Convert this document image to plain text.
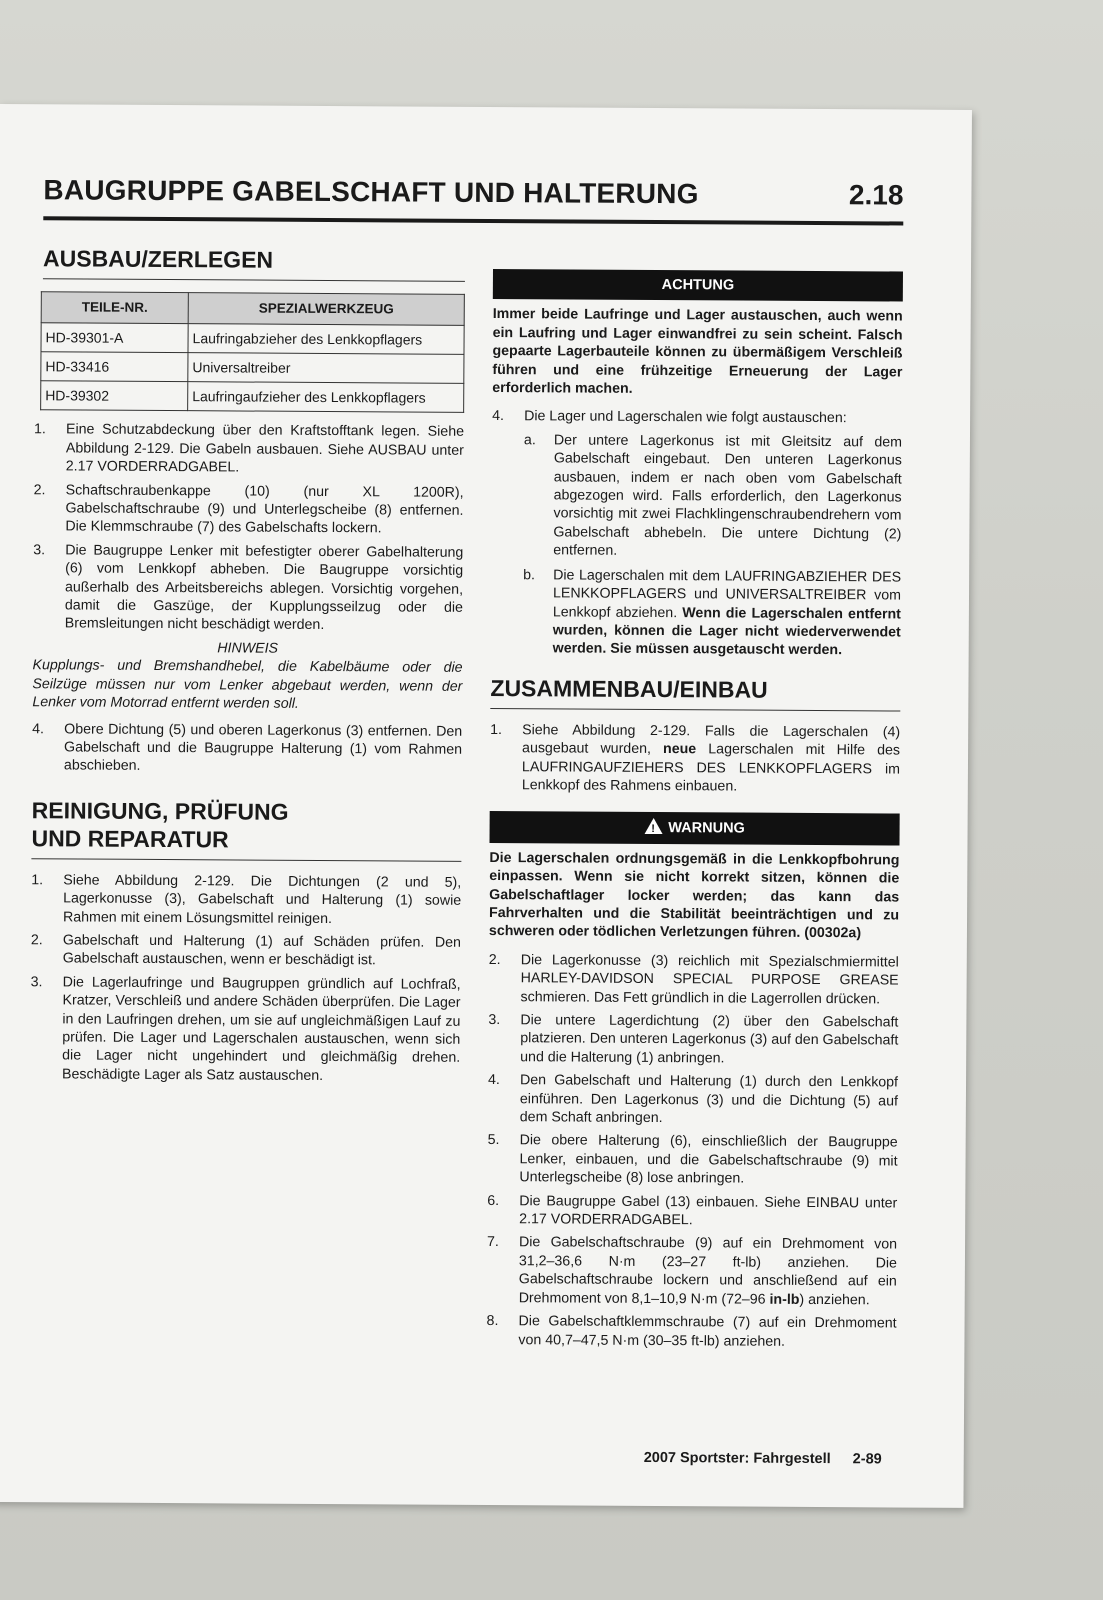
BAUGRUPPE GABELSCHAFT UND HALTERUNG	2.18
AUSBAU/ZERLEGEN
TEILE-NR.	SPEZIALWERKZEUG
HD-39301-A	Laufringabzieher des Lenkkopflagers
HD-33416	Universaltreiber
HD-39302	Laufringaufzieher des Lenkkopflagers
1.	Eine Schutzabdeckung über den Kraftstofftank legen. Siehe Abbildung 2-129. Die Gabeln ausbauen. Siehe AUSBAU unter 2.17 VORDERRADGABEL.
2.	Schaftschraubenkappe (10) (nur XL 1200R), Gabelschaftschraube (9) und Unterlegscheibe (8) entfernen. Die Klemmschraube (7) des Gabelschafts lockern.
3.	Die Baugruppe Lenker mit befestigter oberer Gabelhalterung (6) vom Lenkkopf abheben. Die Baugruppe vorsichtig außerhalb des Arbeitsbereichs ablegen. Vorsichtig vorgehen, damit die Gaszüge, der Kupplungsseilzug oder die Bremsleitungen nicht beschädigt werden.
HINWEIS
Kupplungs- und Bremshandhebel, die Kabelbäume oder die Seilzüge müssen nur vom Lenker abgebaut werden, wenn der Lenker vom Motorrad entfernt werden soll.
4.	Obere Dichtung (5) und oberen Lagerkonus (3) entfernen. Den Gabelschaft und die Baugruppe Halterung (1) vom Rahmen abschieben.
REINIGUNG, PRÜFUNG
UND REPARATUR
1.	Siehe Abbildung 2-129. Die Dichtungen (2 und 5), Lagerkonusse (3), Gabelschaft und Halterung (1) sowie Rahmen mit einem Lösungsmittel reinigen.
2.	Gabelschaft und Halterung (1) auf Schäden prüfen. Den Gabelschaft austauschen, wenn er beschädigt ist.
3.	Die Lagerlaufringe und Baugruppen gründlich auf Lochfraß, Kratzer, Verschleiß und andere Schäden überprüfen. Die Lager in den Laufringen drehen, um sie auf ungleichmäßigen Lauf zu prüfen. Die Lager und Lagerschalen austauschen, wenn sich die Lager nicht ungehindert und gleichmäßig drehen. Beschädigte Lager als Satz austauschen.
ACHTUNG
Immer beide Laufringe und Lager austauschen, auch wenn ein Laufring und Lager einwandfrei zu sein scheint. Falsch gepaarte Lagerbauteile können zu übermäßigem Verschleiß führen und eine frühzeitige Erneuerung der Lager erforderlich machen.
4.	Die Lager und Lagerschalen wie folgt austauschen:
a.	Der untere Lagerkonus ist mit Gleitsitz auf dem Gabelschaft eingebaut. Den unteren Lagerkonus ausbauen, indem er nach oben vom Gabelschaft abgezogen wird. Falls erforderlich, den Lagerkonus vorsichtig mit zwei Flachklingenschraubendrehern vom Gabelschaft abhebeln. Die untere Dichtung (2) entfernen.
b.	Die Lagerschalen mit dem LAUFRINGABZIEHER DES LENKKOPFLAGERS und UNIVERSALTREIBER vom Lenkkopf abziehen. Wenn die Lagerschalen entfernt wurden, können die Lager nicht wiederverwendet werden. Sie müssen ausgetauscht werden.
ZUSAMMENBAU/EINBAU
1.	Siehe Abbildung 2-129. Falls die Lagerschalen (4) ausgebaut wurden, neue Lagerschalen mit Hilfe des LAUFRINGAUFZIEHERS DES LENKKOPFLAGERS im Lenkkopf des Rahmens einbauen.
!WARNUNG
Die Lagerschalen ordnungsgemäß in die Lenkkopfbohrung einpassen. Wenn sie nicht korrekt sitzen, können die Gabelschaftlager locker werden; das kann das Fahrverhalten und die Stabilität beeinträchtigen und zu schweren oder tödlichen Verletzungen führen. (00302a)
2.	Die Lagerkonusse (3) reichlich mit Spezialschmiermittel HARLEY-DAVIDSON SPECIAL PURPOSE GREASE schmieren. Das Fett gründlich in die Lagerrollen drücken.
3.	Die untere Lagerdichtung (2) über den Gabelschaft platzieren. Den unteren Lagerkonus (3) auf den Gabelschaft und die Halterung (1) anbringen.
4.	Den Gabelschaft und Halterung (1) durch den Lenkkopf einführen. Den Lagerkonus (3) und die Dichtung (5) auf dem Schaft anbringen.
5.	Die obere Halterung (6), einschließlich der Baugruppe Lenker, einbauen, und die Gabelschaftschraube (9) mit Unterlegscheibe (8) lose anbringen.
6.	Die Baugruppe Gabel (13) einbauen. Siehe EINBAU unter 2.17 VORDERRADGABEL.
7.	Die Gabelschaftschraube (9) auf ein Drehmoment von 31,2–36,6 N·m (23–27 ft-lb) anziehen. Die Gabelschaftschraube lockern und anschließend auf ein Drehmoment von 8,1–10,9 N·m (72–96 in-lb) anziehen.
8.	Die Gabelschaftklemmschraube (7) auf ein Drehmoment von 40,7–47,5 N·m (30–35 ft-lb) anziehen.
2007 Sportster: Fahrgestell 2-89
